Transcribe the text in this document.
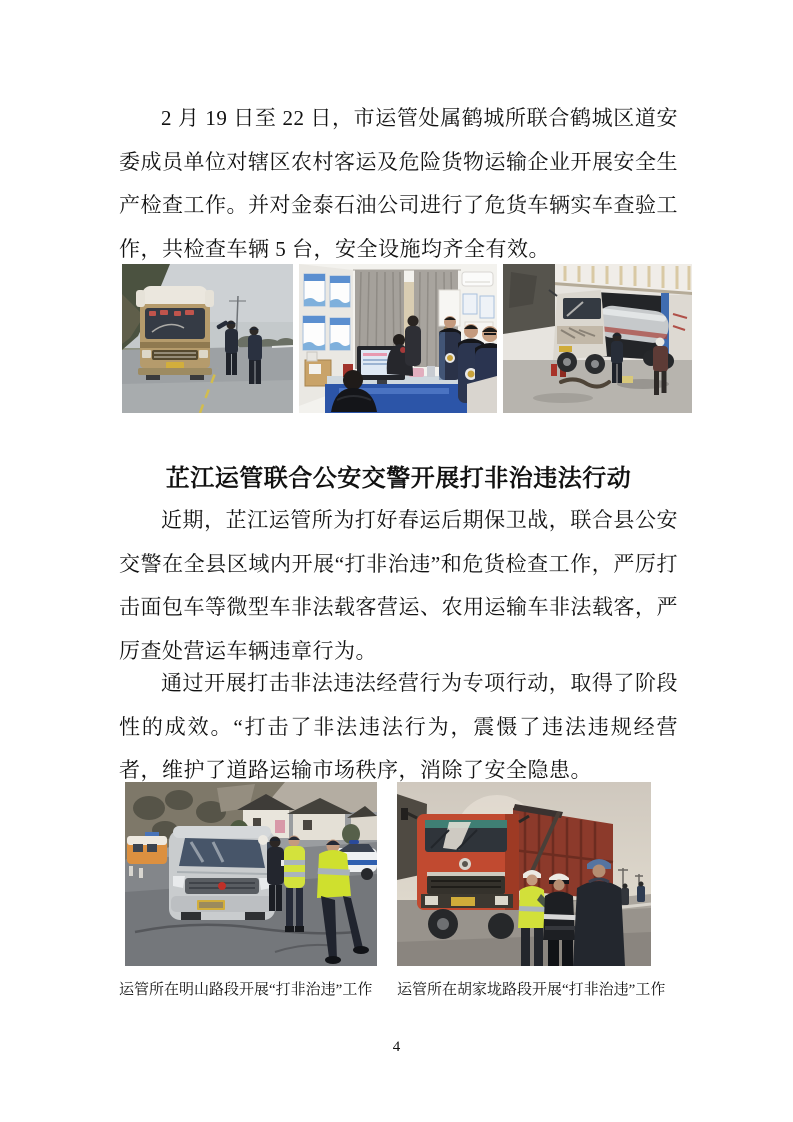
2 月 19 日至 22 日，市运管处属鹤城所联合鹤城区道安委成员单位对辖区农村客运及危险货物运输企业开展安全生产检查工作。并对金泰石油公司进行了危货车辆实车查验工作，共检查车辆 5 台，安全设施均齐全有效。

芷江运管联合公安交警开展打非治违法行动

近期，芷江运管所为打好春运后期保卫战，联合县公安交警在全县区域内开展“打非治违”和危货检查工作，严厉打击面包车等微型车非法载客营运、农用运输车非法载客，严厉查处营运车辆违章行为。

通过开展打击非法违法经营行为专项行动，取得了阶段性的成效。“打击了非法违法行为，震慑了违法违规经营者，维护了道路运输市场秩序，消除了安全隐患。

运管所在明山路段开展“打非治违”工作 运管所在胡家垅路段开展“打非治违”工作

4
